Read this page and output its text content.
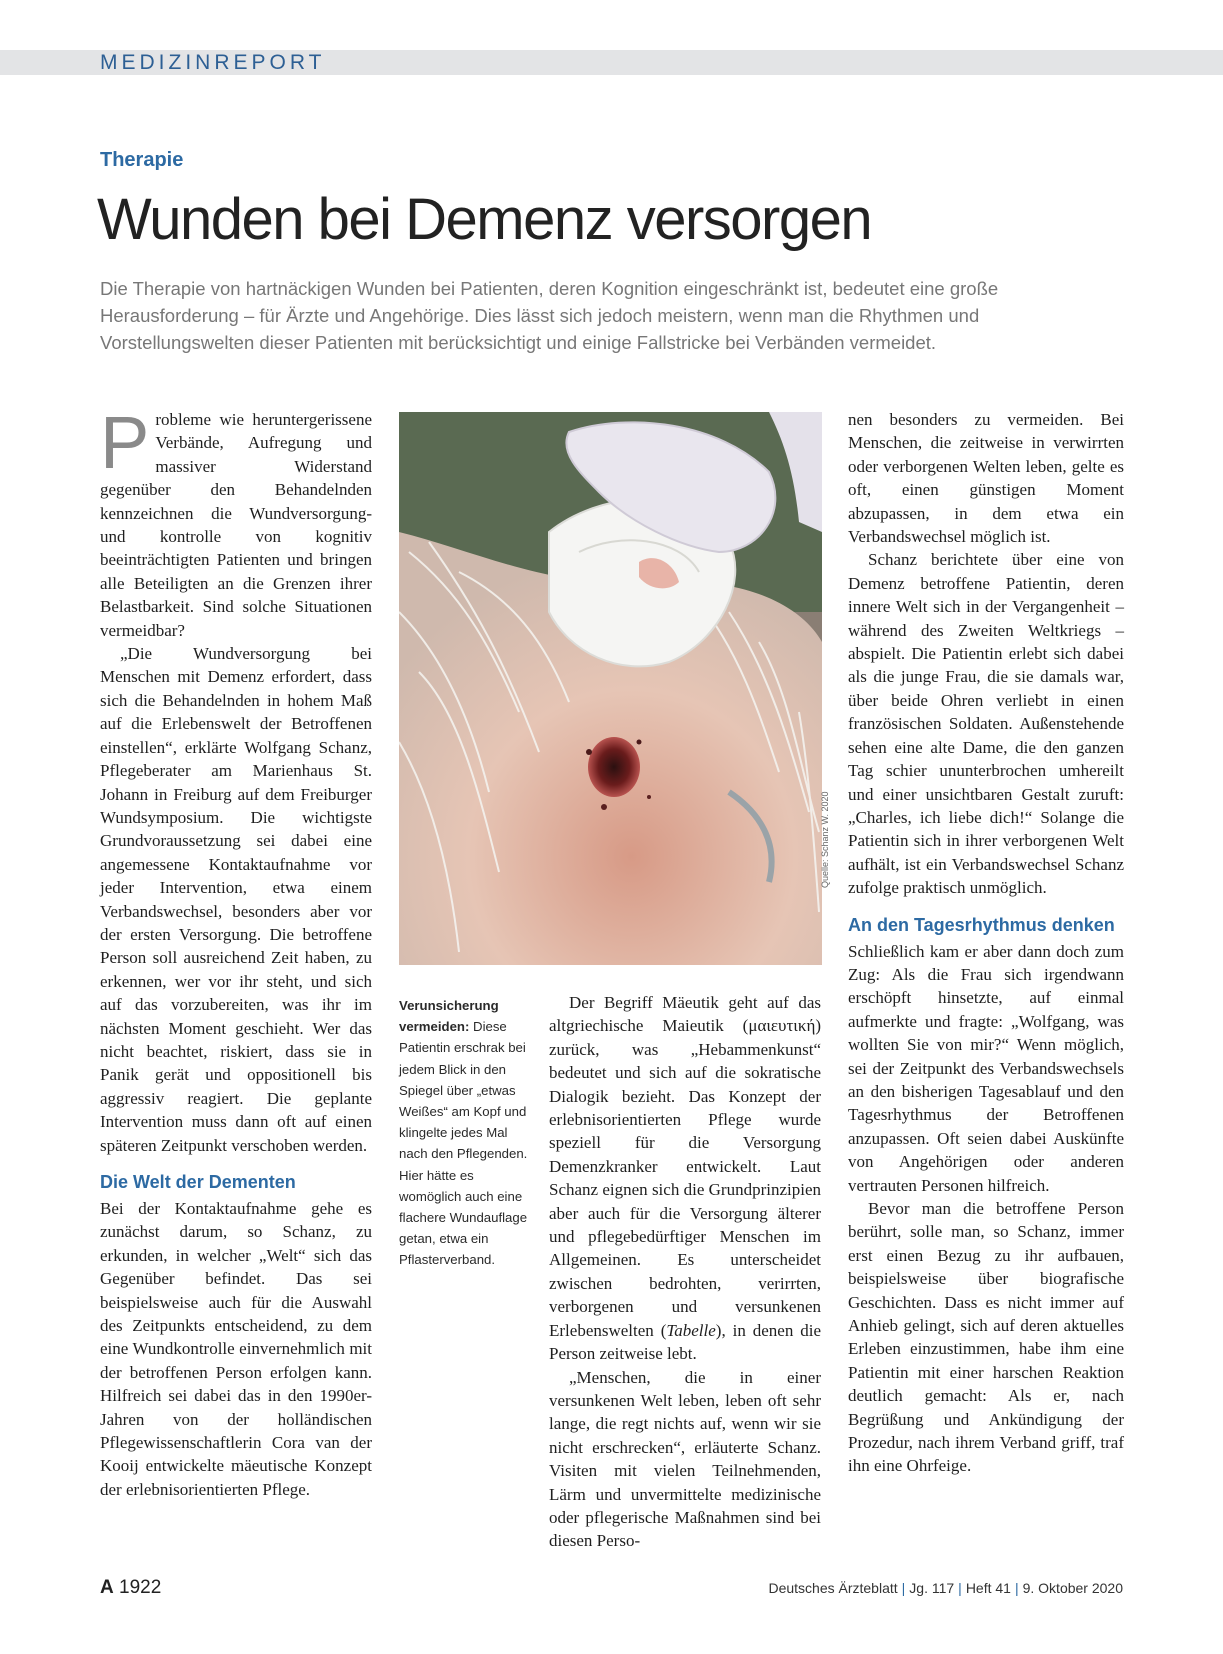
MEDIZINREPORT
Therapie
Wunden bei Demenz versorgen
Die Therapie von hartnäckigen Wunden bei Patienten, deren Kognition eingeschränkt ist, bedeutet eine große Herausforderung – für Ärzte und Angehörige. Dies lässt sich jedoch meistern, wenn man die Rhythmen und Vorstellungswelten dieser Patienten mit berücksichtigt und einige Fallstricke bei Verbänden vermeidet.
P robleme wie heruntergerissene Verbände, Aufregung und massiver Widerstand gegenüber den Behandelnden kennzeichnen die Wundversorgung- und kontrolle von kognitiv beeinträchtigten Patienten und bringen alle Beteiligten an die Grenzen ihrer Belastbarkeit. Sind solche Situationen vermeidbar?

„Die Wundversorgung bei Menschen mit Demenz erfordert, dass sich die Behandelnden in hohem Maß auf die Erlebenswelt der Betroffenen einstellen“, erklärte Wolfgang Schanz, Pflegeberater am Marienhaus St. Johann in Freiburg auf dem Freiburger Wundsymposium. Die wichtigste Grundvoraussetzung sei dabei eine angemessene Kontaktaufnahme vor jeder Intervention, etwa einem Verbandswechsel, besonders aber vor der ersten Versorgung. Die betroffene Person soll ausreichend Zeit haben, zu erkennen, wer vor ihr steht, und sich auf das vorzubereiten, was ihr im nächsten Moment geschieht. Wer das nicht beachtet, riskiert, dass sie in Panik gerät und oppositionell bis aggressiv reagiert. Die geplante Intervention muss dann oft auf einen späteren Zeitpunkt verschoben werden.

Die Welt der Dementen

Bei der Kontaktaufnahme gehe es zunächst darum, so Schanz, zu erkunden, in welcher „Welt“ sich das Gegenüber befindet. Das sei beispielsweise auch für die Auswahl des Zeitpunkts entscheidend, zu dem eine Wundkontrolle einvernehmlich mit der betroffenen Person erfolgen kann. Hilfreich sei dabei das in den 1990er-Jahren von der holländischen Pflegewissenschaftlerin Cora van der Kooij entwickelte mäeutische Konzept der erlebnisorientierten Pflege.

Quelle: Schanz W. 2020
Verunsicherung vermeiden: Diese Patientin erschrak bei jedem Blick in den Spiegel über „etwas Weißes“ am Kopf und klingelte jedes Mal nach den Pflegenden. Hier hätte es womöglich auch eine flachere Wundauflage getan, etwa ein Pflasterverband.

Der Begriff Mäeutik geht auf das altgriechische Maieutik (μαιευτική) zurück, was „Hebammenkunst“ bedeutet und sich auf die sokratische Dialogik bezieht. Das Konzept der erlebnisorientierten Pflege wurde speziell für die Versorgung Demenzkranker entwickelt. Laut Schanz eignen sich die Grundprinzipien aber auch für die Versorgung älterer und pflegebedürftiger Menschen im Allgemeinen. Es unterscheidet zwischen bedrohten, verirrten, verborgenen und versunkenen Erlebenswelten (Tabelle), in denen die Person zeitweise lebt.

„Menschen, die in einer versunkenen Welt leben, leben oft sehr lange, die regt nichts auf, wenn wir sie nicht erschrecken“, erläuterte Schanz. Visiten mit vielen Teilnehmenden, Lärm und unvermittelte medizinische oder pflegerische Maßnahmen sind bei diesen Perso-

nen besonders zu vermeiden. Bei Menschen, die zeitweise in verwirrten oder verborgenen Welten leben, gelte es oft, einen günstigen Moment abzupassen, in dem etwa ein Verbandswechsel möglich ist.

Schanz berichtete über eine von Demenz betroffene Patientin, deren innere Welt sich in der Vergangenheit – während des Zweiten Weltkriegs – abspielt. Die Patientin erlebt sich dabei als die junge Frau, die sie damals war, über beide Ohren verliebt in einen französischen Soldaten. Außenstehende sehen eine alte Dame, die den ganzen Tag schier ununterbrochen umhereilt und einer unsichtbaren Gestalt zuruft: „Charles, ich liebe dich!“ Solange die Patientin sich in ihrer verborgenen Welt aufhält, ist ein Verbandswechsel Schanz zufolge praktisch unmöglich.

An den Tagesrhythmus denken

Schließlich kam er aber dann doch zum Zug: Als die Frau sich irgendwann erschöpft hinsetzte, auf einmal aufmerkte und fragte: „Wolfgang, was wollten Sie von mir?“ Wenn möglich, sei der Zeitpunkt des Verbandswechsels an den bisherigen Tagesablauf und den Tagesrhythmus der Betroffenen anzupassen. Oft seien dabei Auskünfte von Angehörigen oder anderen vertrauten Personen hilfreich.

Bevor man die betroffene Person berührt, solle man, so Schanz, immer erst einen Bezug zu ihr aufbauen, beispielsweise über biografische Geschichten. Dass es nicht immer auf Anhieb gelingt, sich auf deren aktuelles Erleben einzustimmen, habe ihm eine Patientin mit einer harschen Reaktion deutlich gemacht: Als er, nach Begrüßung und Ankündigung der Prozedur, nach ihrem Verband griff, traf ihn eine Ohrfeige.

A 1922	Deutsches Ärzteblatt | Jg. 117 | Heft 41 | 9. Oktober 2020
